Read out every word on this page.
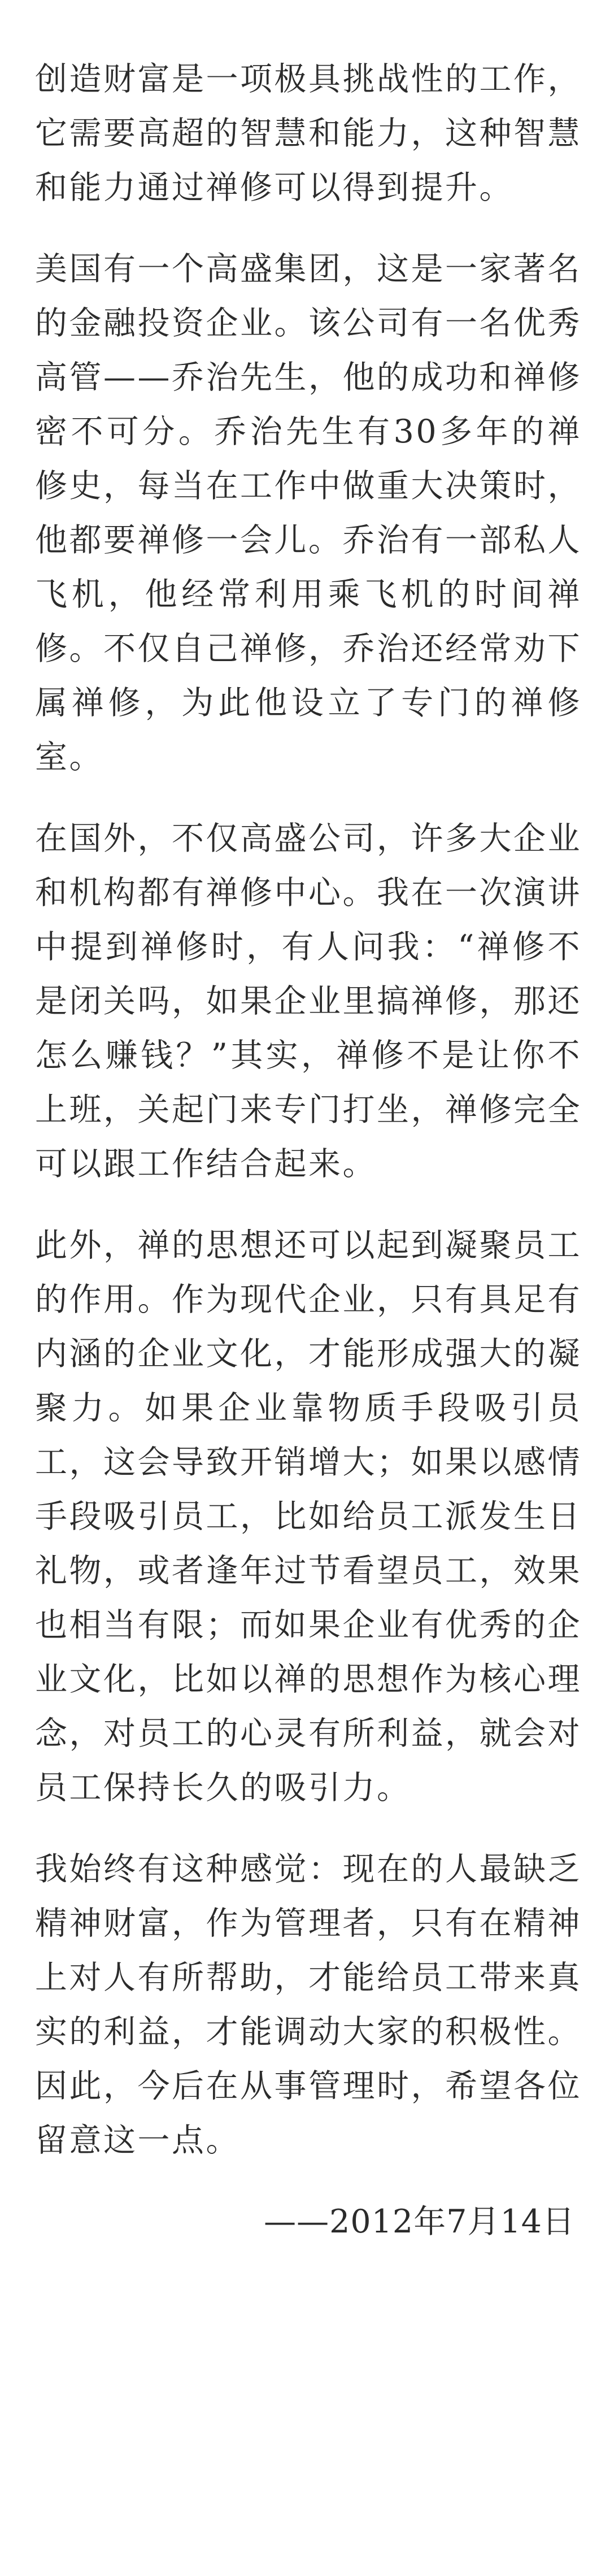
创造财富是一项极具挑战性的工作，它需要高超的智慧和能力，这种智慧和能力通过禅修可以得到提升。

美国有一个高盛集团，这是一家著名的金融投资企业。该公司有一名优秀高管——乔治先生，他的成功和禅修密不可分。乔治先生有30多年的禅修史，每当在工作中做重大决策时，他都要禅修一会儿。乔治有一部私人飞机，他经常利用乘飞机的时间禅修。不仅自己禅修，乔治还经常劝下属禅修，为此他设立了专门的禅修室。

在国外，不仅高盛公司，许多大企业和机构都有禅修中心。我在一次演讲中提到禅修时，有人问我：“禅修不是闭关吗，如果企业里搞禅修，那还怎么赚钱？”其实，禅修不是让你不上班，关起门来专门打坐，禅修完全可以跟工作结合起来。

此外，禅的思想还可以起到凝聚员工的作用。作为现代企业，只有具足有内涵的企业文化，才能形成强大的凝聚力。如果企业靠物质手段吸引员工，这会导致开销增大；如果以感情手段吸引员工，比如给员工派发生日礼物，或者逢年过节看望员工，效果也相当有限；而如果企业有优秀的企业文化，比如以禅的思想作为核心理念，对员工的心灵有所利益，就会对员工保持长久的吸引力。

我始终有这种感觉：现在的人最缺乏精神财富，作为管理者，只有在精神上对人有所帮助，才能给员工带来真实的利益，才能调动大家的积极性。因此，今后在从事管理时，希望各位留意这一点。

——2012年7月14日
